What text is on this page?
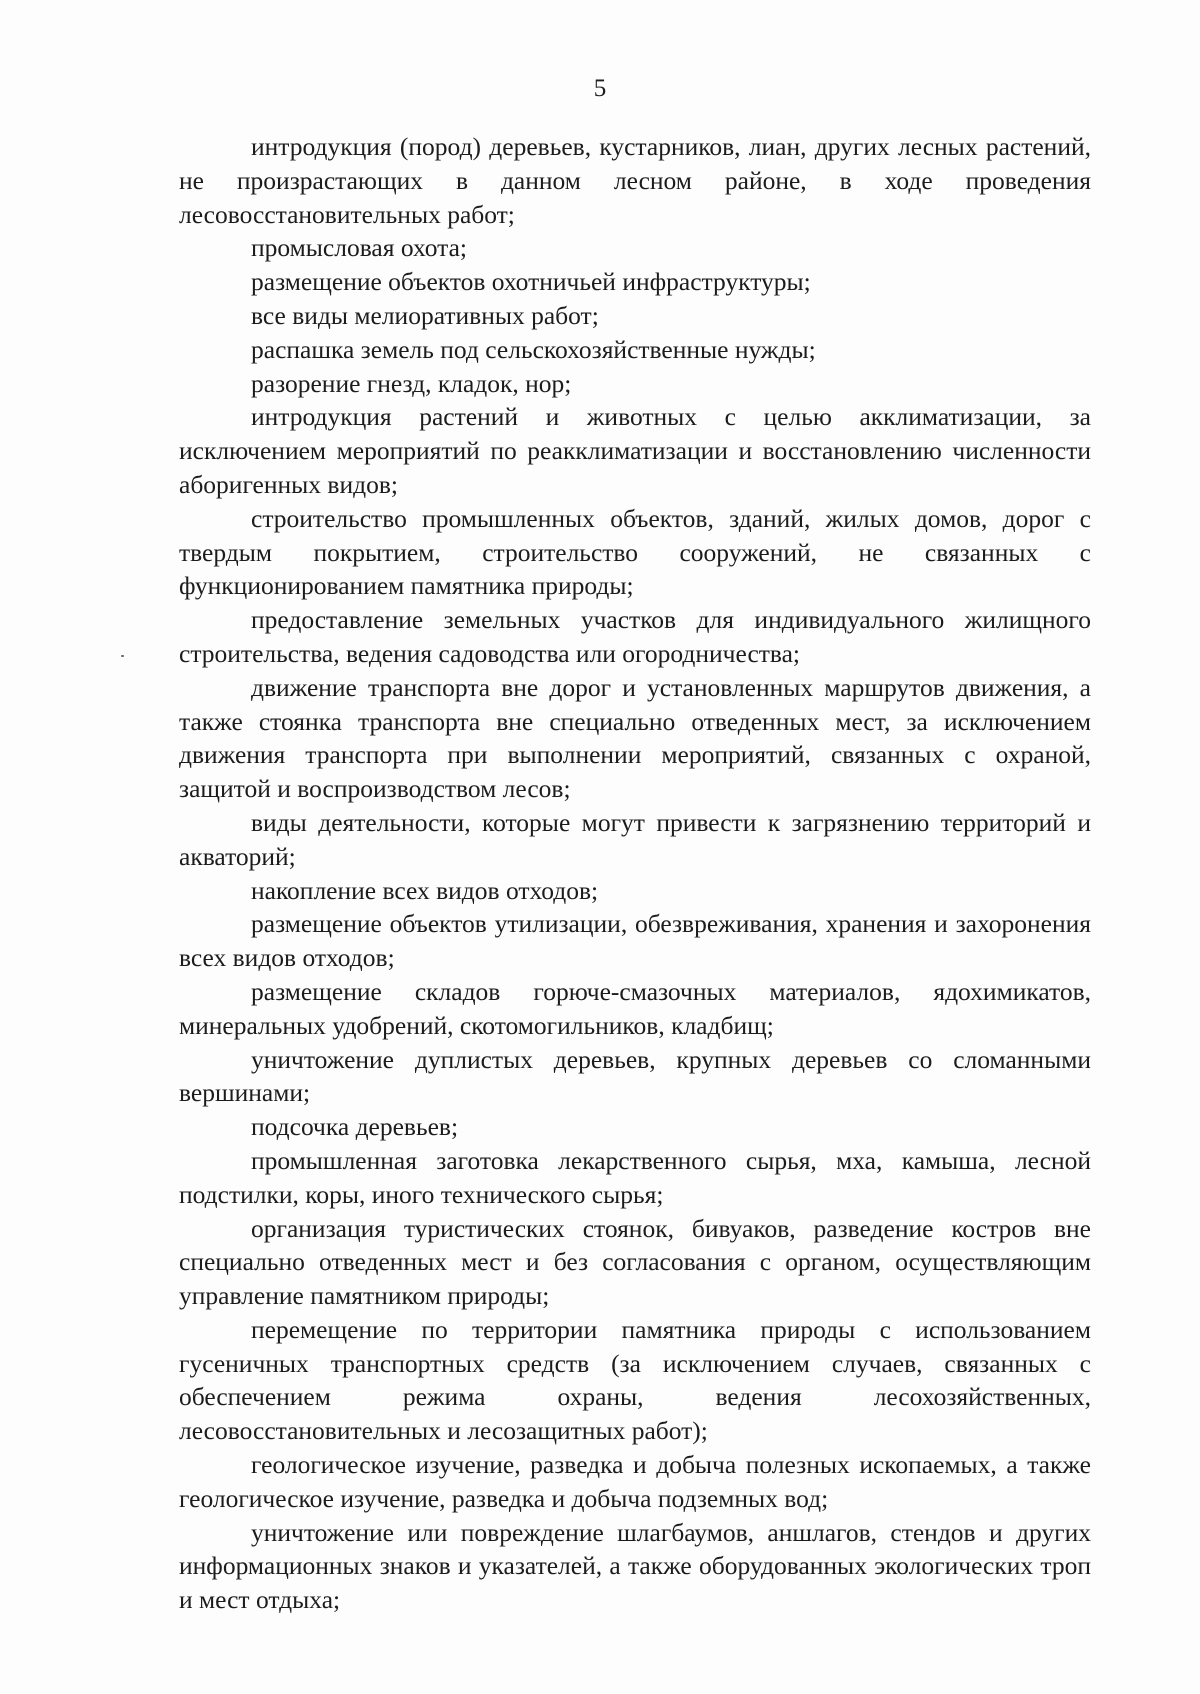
5

интродукция (пород) деревьев, кустарников, лиан, других лесных растений, не произрастающих в данном лесном районе, в ходе проведения лесовосстановительных работ;

промысловая охота;

размещение объектов охотничьей инфраструктуры;

все виды мелиоративных работ;

распашка земель под сельскохозяйственные нужды;

разорение гнезд, кладок, нор;

интродукция растений и животных с целью акклиматизации, за исключением мероприятий по реакклиматизации и восстановлению численности аборигенных видов;

строительство промышленных объектов, зданий, жилых домов, дорог с твердым покрытием, строительство сооружений, не связанных с функционированием памятника природы;

предоставление земельных участков для индивидуального жилищного строительства, ведения садоводства или огородничества;

движение транспорта вне дорог и установленных маршрутов движения, а также стоянка транспорта вне специально отведенных мест, за исключением движения транспорта при выполнении мероприятий, связанных с охраной, защитой и воспроизводством лесов;

виды деятельности, которые могут привести к загрязнению территорий и акваторий;

накопление всех видов отходов;

размещение объектов утилизации, обезвреживания, хранения и захоронения всех видов отходов;

размещение складов горюче-смазочных материалов, ядохимикатов, минеральных удобрений, скотомогильников, кладбищ;

уничтожение дуплистых деревьев, крупных деревьев со сломанными вершинами;

подсочка деревьев;

промышленная заготовка лекарственного сырья, мха, камыша, лесной подстилки, коры, иного технического сырья;

организация туристических стоянок, бивуаков, разведение костров вне специально отведенных мест и без согласования с органом, осуществляющим управление памятником природы;

перемещение по территории памятника природы с использованием гусеничных транспортных средств (за исключением случаев, связанных с обеспечением режима охраны, ведения лесохозяйственных, лесовосстановительных и лесозащитных работ);

геологическое изучение, разведка и добыча полезных ископаемых, а также геологическое изучение, разведка и добыча подземных вод;

уничтожение или повреждение шлагбаумов, аншлагов, стендов и других информационных знаков и указателей, а также оборудованных экологических троп и мест отдыха;
